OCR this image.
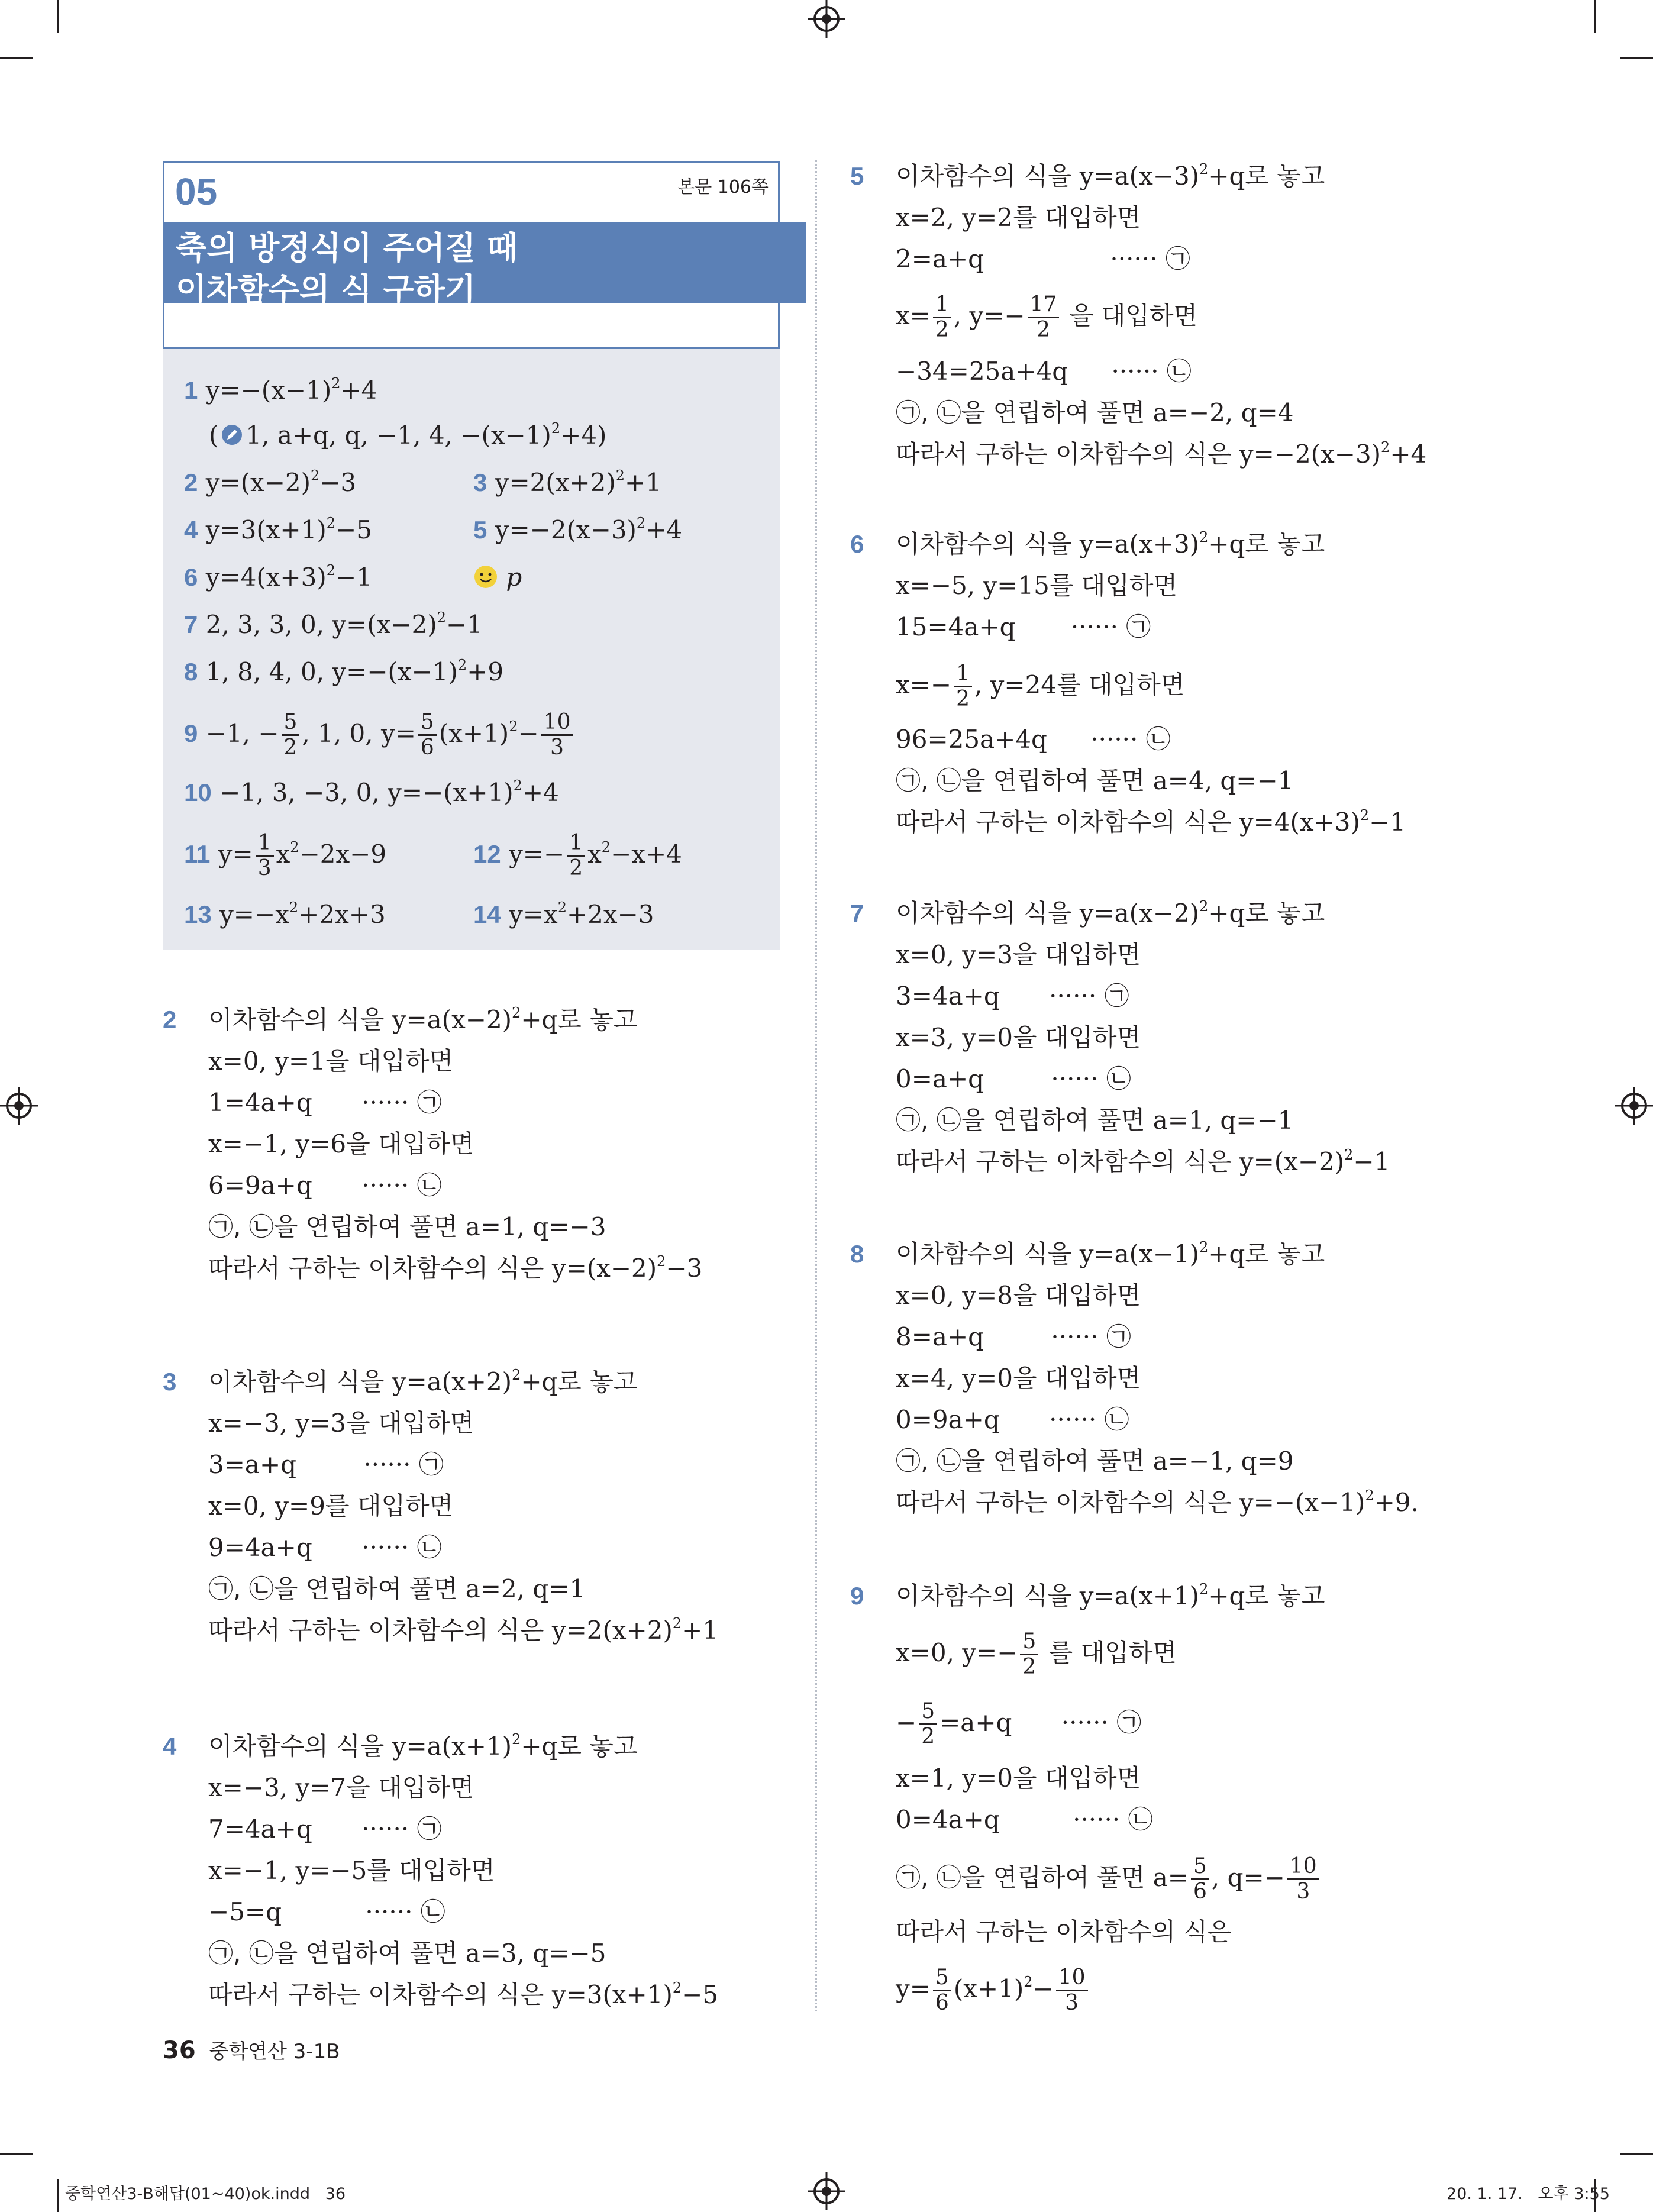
05	본문 106쪽
축의 방정식이 주어질 때
이차함수의 식 구하기
1 $y=-(x-1)^2+4$
( 1, a+q, q, −1, 4, $-(x-1)^2+4$)
2 $y=(x-2)^2-3$	3 $y=2(x+2)^2+1$
4 $y=3(x+1)^2-5$	5 $y=-2(x-3)^2+4$
6 $y=4(x+3)^2-1$	p
7 2, 3, 3, 0, $y=(x-2)^2-1$
8 1, 8, 4, 0, $y=-(x-1)^2+9$
9 −1, − $\frac{5}{2}$ , 1, 0, $y= \frac{5}{6} (x+1)^2- \frac{10}{3}$
10 −1, 3, −3, 0, $y=-(x+1)^2+4$
11 $y= \frac{1}{3} x^2-2x-9$	12 $y=- \frac{1}{2} x^2-x+4$
13 $y=-x^2+2x+3$	14 $y=x^2+2x-3$
2 이차함수의 식을 $y=a(x-2)^2+q$로 놓고
x=0, y=1을 대입하면
1=4a+q ······ ㉠
x=−1, y=6을 대입하면
6=9a+q ······ ㉡
㉠, ㉡을 연립하여 풀면 a=1, q=−3
따라서 구하는 이차함수의 식은 $y=(x-2)^2-3$
3 이차함수의 식을 $y=a(x+2)^2+q$로 놓고
x=−3, y=3을 대입하면
3=a+q ······ ㉠
x=0, y=9를 대입하면
9=4a+q ······ ㉡
㉠, ㉡을 연립하여 풀면 a=2, q=1
따라서 구하는 이차함수의 식은 $y=2(x+2)^2+1$
4 이차함수의 식을 $y=a(x+1)^2+q$로 놓고
x=−3, y=7을 대입하면
7=4a+q ······ ㉠
x=−1, y=−5를 대입하면
−5=q	······ ㉡
㉠, ㉡을 연립하여 풀면 a=3, q=−5
따라서 구하는 이차함수의 식은 $y=3(x+1)^2-5$
5 이차함수의 식을 $y=a(x-3)^2+q$로 놓고
x=2, y=2를 대입하면
2=a+q	······ ㉠
$x= \frac{1}{2}$ , $y=- \frac{17}{2}$ 을 대입하면
−34=25a+4q ······ ㉡
㉠, ㉡을 연립하여 풀면 a=−2, q=4
따라서 구하는 이차함수의 식은 $y=-2(x-3)^2+4$
6 이차함수의 식을 $y=a(x+3)^2+q$로 놓고
x=−5, y=15를 대입하면
15=4a+q ······ ㉠
$x=- \frac{1}{2}$ , y=24를 대입하면
96=25a+4q ······ ㉡
㉠, ㉡을 연립하여 풀면 a=4, q=−1
따라서 구하는 이차함수의 식은 $y=4(x+3)^2-1$
7 이차함수의 식을 $y=a(x-2)^2+q$로 놓고
x=0, y=3을 대입하면
3=4a+q ······ ㉠
x=3, y=0을 대입하면
0=a+q ······ ㉡
㉠, ㉡을 연립하여 풀면 a=1, q=−1
따라서 구하는 이차함수의 식은 $y=(x-2)^2-1$
8 이차함수의 식을 $y=a(x-1)^2+q$로 놓고
x=0, y=8을 대입하면
8=a+q ······ ㉠
x=4, y=0을 대입하면
0=9a+q ······ ㉡
㉠, ㉡을 연립하여 풀면 a=−1, q=9
따라서 구하는 이차함수의 식은 $y=-(x-1)^2+9$.
9 이차함수의 식을 $y=a(x+1)^2+q$로 놓고
x=0, $y=- \frac{5}{2}$ 를 대입하면
− $\frac{5}{2} =a+q$ ······ ㉠
x=1, y=0을 대입하면
0=4a+q	······ ㉡
㉠, ㉡을 연립하여 풀면 $a= \frac{5}{6}$ , $q=- \frac{10}{3}$
따라서 구하는 이차함수의 식은
$y= \frac{5}{6} (x+1)^2- \frac{10}{3}$
36 중학연산 3-1B
중학연산3-B해답(01~40)ok.indd   36	20. 1. 17.   오후 3:55
